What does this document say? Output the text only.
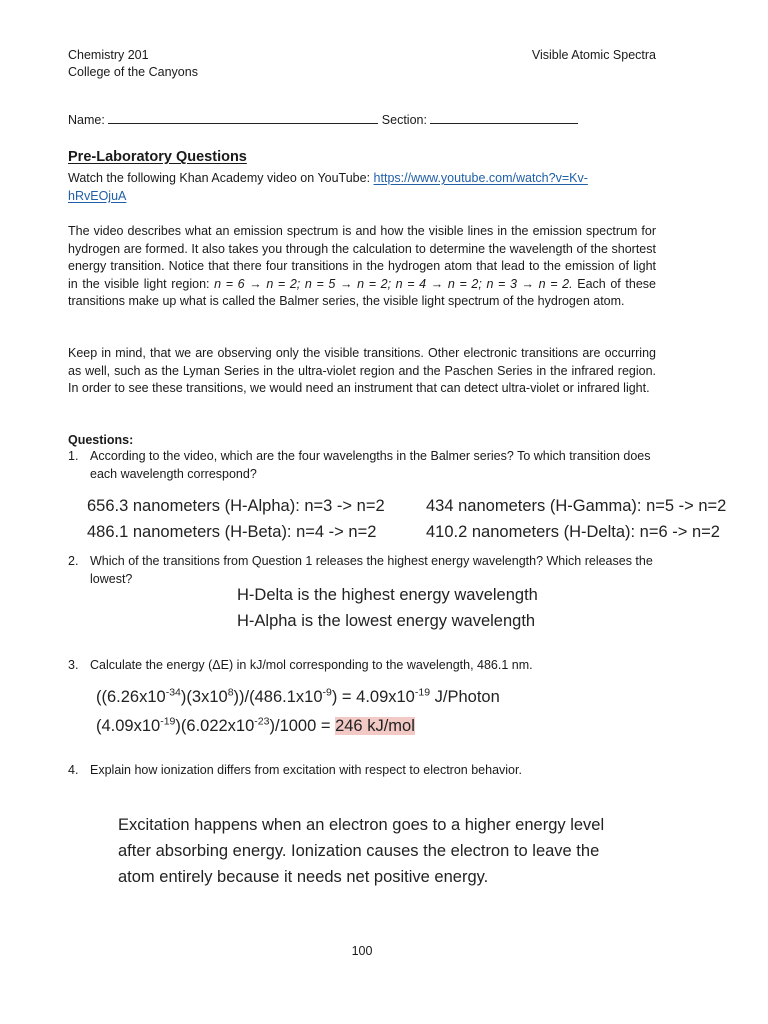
Chemistry 201
College of the Canyons
Visible Atomic Spectra
Name:	Section:
Pre-Laboratory Questions
Watch the following Khan Academy video on YouTube: https://www.youtube.com/watch?v=Kv-
hRvEOjuA
The video describes what an emission spectrum is and how the visible lines in the emission spectrum for hydrogen are formed. It also takes you through the calculation to determine the wavelength of the shortest energy transition. Notice that there four transitions in the hydrogen atom that lead to the emission of light in the visible light region: n = 6 → n = 2; n = 5 → n = 2; n = 4 → n = 2; n = 3 → n = 2. Each of these transitions make up what is called the Balmer series, the visible light spectrum of the hydrogen atom.
Keep in mind, that we are observing only the visible transitions. Other electronic transitions are occurring as well, such as the Lyman Series in the ultra-violet region and the Paschen Series in the infrared region. In order to see these transitions, we would need an instrument that can detect ultra-violet or infrared light.
Questions:
1. According to the video, which are the four wavelengths in the Balmer series? To which transition does each wavelength correspond?
656.3 nanometers (H-Alpha): n=3 -> n=2	434 nanometers (H-Gamma): n=5 -> n=2
486.1 nanometers (H-Beta): n=4 -> n=2	410.2 nanometers (H-Delta): n=6 -> n=2
2. Which of the transitions from Question 1 releases the highest energy wavelength? Which releases the lowest?
H-Delta is the highest energy wavelength
H-Alpha is the lowest energy wavelength
3. Calculate the energy (ΔE) in kJ/mol corresponding to the wavelength, 486.1 nm.
$((6.26x10^{-34})(3x10^8))/(486.1x10^{-9}) = 4.09x10^{-19}$ J/Photon
$(4.09x10^{-19})(6.022x10^{-23})/1000 = 246$ kJ/mol
4. Explain how ionization differs from excitation with respect to electron behavior.
Excitation happens when an electron goes to a higher energy level after absorbing energy. Ionization causes the electron to leave the atom entirely because it needs net positive energy.
100
